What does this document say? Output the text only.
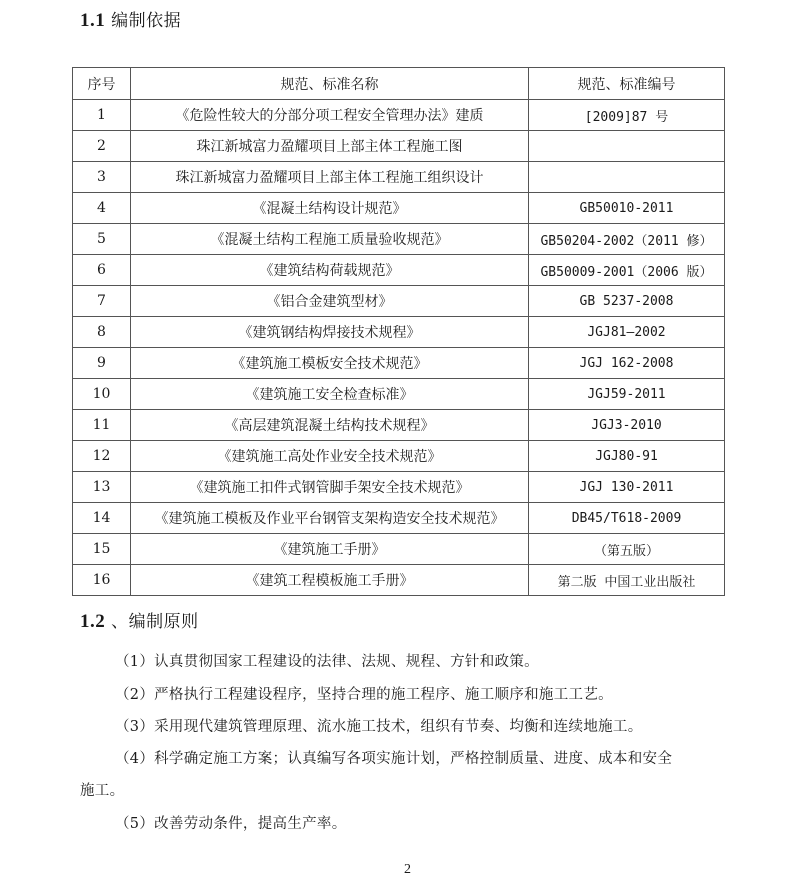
1.1 编制依据
序号	规范、标准名称	规范、标准编号
1	《危险性较大的分部分项工程安全管理办法》建质	[2009]87 号
2	珠江新城富力盈耀项目上部主体工程施工图	
3	珠江新城富力盈耀项目上部主体工程施工组织设计	
4	《混凝土结构设计规范》	GB50010-2011
5	《混凝土结构工程施工质量验收规范》	GB50204-2002（2011 修）
6	《建筑结构荷载规范》	GB50009-2001（2006 版）
7	《铝合金建筑型材》	GB 5237-2008
8	《建筑钢结构焊接技术规程》	JGJ81—2002
9	《建筑施工模板安全技术规范》	JGJ 162-2008
10	《建筑施工安全检查标准》	JGJ59-2011
11	《高层建筑混凝土结构技术规程》	JGJ3-2010
12	《建筑施工高处作业安全技术规范》	JGJ80-91
13	《建筑施工扣件式钢管脚手架安全技术规范》	JGJ 130-2011
14	《建筑施工模板及作业平台钢管支架构造安全技术规范》	DB45/T618-2009
15	《建筑施工手册》	（第五版）
16	《建筑工程模板施工手册》	第二版 中国工业出版社
1.2 、编制原则
（1）认真贯彻国家工程建设的法律、法规、规程、方针和政策。
（2）严格执行工程建设程序，坚持合理的施工程序、施工顺序和施工工艺。
（3）采用现代建筑管理原理、流水施工技术，组织有节奏、均衡和连续地施工。
（4）科学确定施工方案；认真编写各项实施计划，严格控制质量、进度、成本和安全
施工。
（5）改善劳动条件，提高生产率。
2
